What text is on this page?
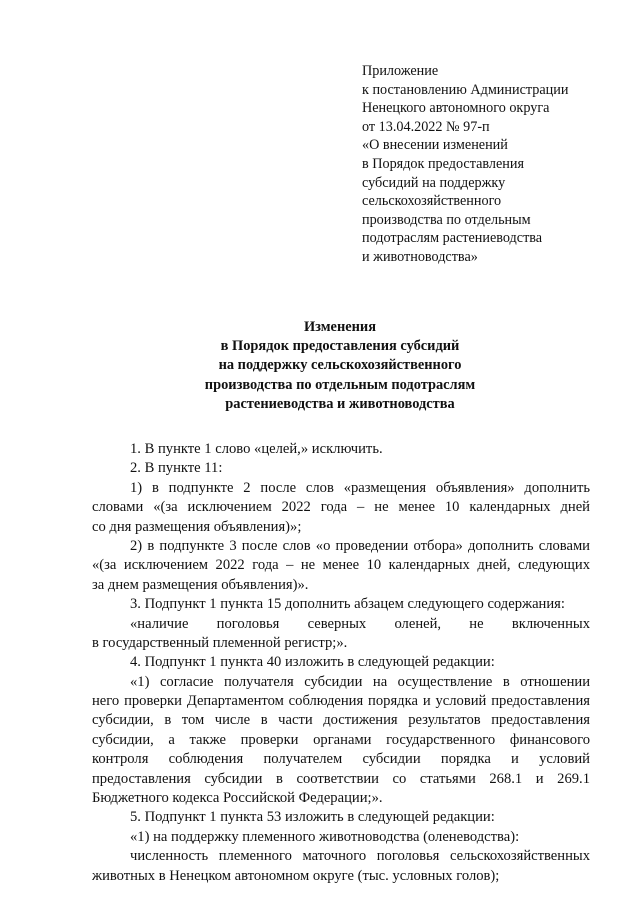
Приложение
к постановлению Администрации
Ненецкого автономного округа
от 13.04.2022 № 97-п
«О внесении изменений
в Порядок предоставления
субсидий на поддержку
сельскохозяйственного
производства по отдельным
подотраслям растениеводства
и животноводства»
Изменения
в Порядок предоставления субсидий
на поддержку сельскохозяйственного
производства по отдельным подотраслям
растениеводства и животноводства
1. В пункте 1 слово «целей,» исключить.
2. В пункте 11:
1) в подпункте 2 после слов «размещения объявления» дополнить
словами «(за исключением 2022 года – не менее 10 календарных дней
со дня размещения объявления)»;
2) в подпункте 3 после слов «о проведении отбора» дополнить словами
«(за исключением 2022 года – не менее 10 календарных дней, следующих
за днем размещения объявления)».
3. Подпункт 1 пункта 15 дополнить абзацем следующего содержания:
«наличие поголовья северных оленей, не включенных
в государственный племенной регистр;».
4. Подпункт 1 пункта 40 изложить в следующей редакции:
«1) согласие получателя субсидии на осуществление в отношении
него проверки Департаментом соблюдения порядка и условий предоставления
субсидии, в том числе в части достижения результатов предоставления
субсидии, а также проверки органами государственного финансового
контроля соблюдения получателем субсидии порядка и условий
предоставления субсидии в соответствии со статьями 268.1 и 269.1
Бюджетного кодекса Российской Федерации;».
5. Подпункт 1 пункта 53 изложить в следующей редакции:
«1) на поддержку племенного животноводства (оленеводства):
численность племенного маточного поголовья сельскохозяйственных
животных в Ненецком автономном округе (тыс. условных голов);
